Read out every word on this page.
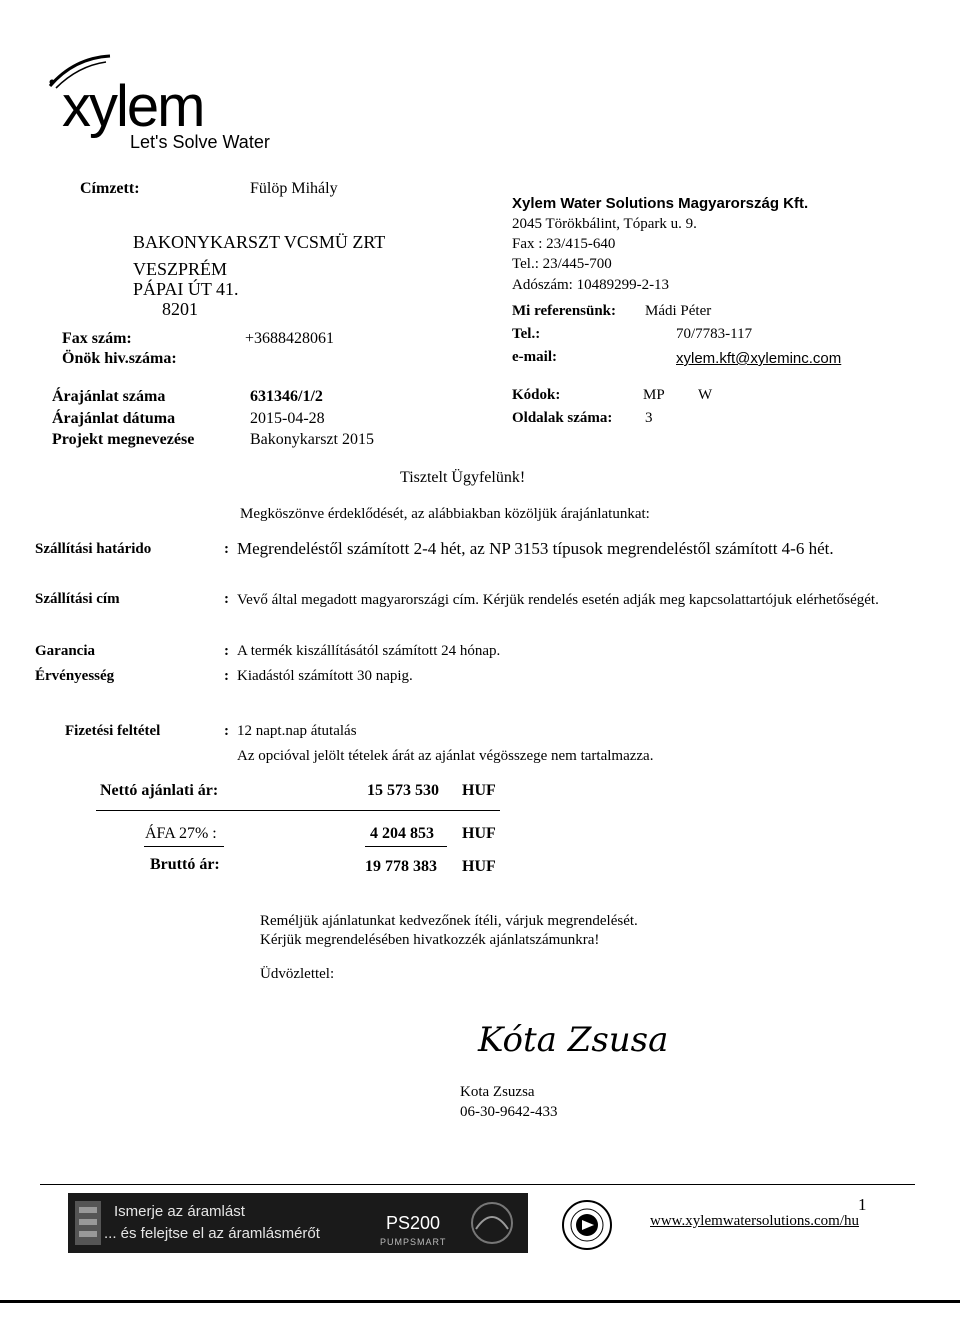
xylem
Let's Solve Water
Címzett:	Fülöp Mihály
BAKONYKARSZT VCSMÜ ZRT
VESZPRÉM
PÁPAI ÚT 41.
8201
Fax szám:	+3688428061
Önök hiv.száma:
Xylem Water Solutions Magyarország Kft.
2045 Törökbálint, Tópark u. 9.
Fax : 23/415-640
Tel.: 23/445-700
Adószám: 10489299-2-13
Mi referensünk: Mádi Péter
Tel.:	70/7783-117
e-mail:	xylem.kft@xyleminc.com
Kódok:	MP W
Oldalak száma: 3
Árajánlat száma	631346/1/2
Árajánlat dátuma	2015-04-28
Projekt megnevezése	Bakonykarszt 2015
Tisztelt Ügyfelünk!
Megköszönve érdeklődését, az alábbiakban közöljük árajánlatunkat:
Szállítási határido	: Megrendeléstől számított 2-4 hét, az NP 3153 típusok megrendeléstől számított 4-6 hét.
Szállítási cím	: Vevő által megadott magyarországi cím. Kérjük rendelés esetén adják meg kapcsolattartójuk elérhetőségét.
Garancia	: A termék kiszállításától számított 24 hónap.
Érvényesség	: Kiadástól számított 30 napig.
Fizetési feltétel	: 12 napt.nap átutalás
Az opcióval jelölt tételek árát az ajánlat végösszege nem tartalmazza.
Nettó ajánlati ár:	15 573 530 HUF
ÁFA 27% :	4 204 853 HUF
Bruttó ár:	19 778 383 HUF
Reméljük ajánlatunkat kedvezőnek ítéli, várjuk megrendelését.
Kérjük megrendelésében hivatkozzék ajánlatszámunkra!
Üdvözlettel:
Kóta Zsusa
Kota Zsuzsa
06-30-9642-433
Ismerje az áramlást
... és felejtse el az áramlásmérőt	PUMPSMART
PS200
1
www.xylemwatersolutions.com/hu
